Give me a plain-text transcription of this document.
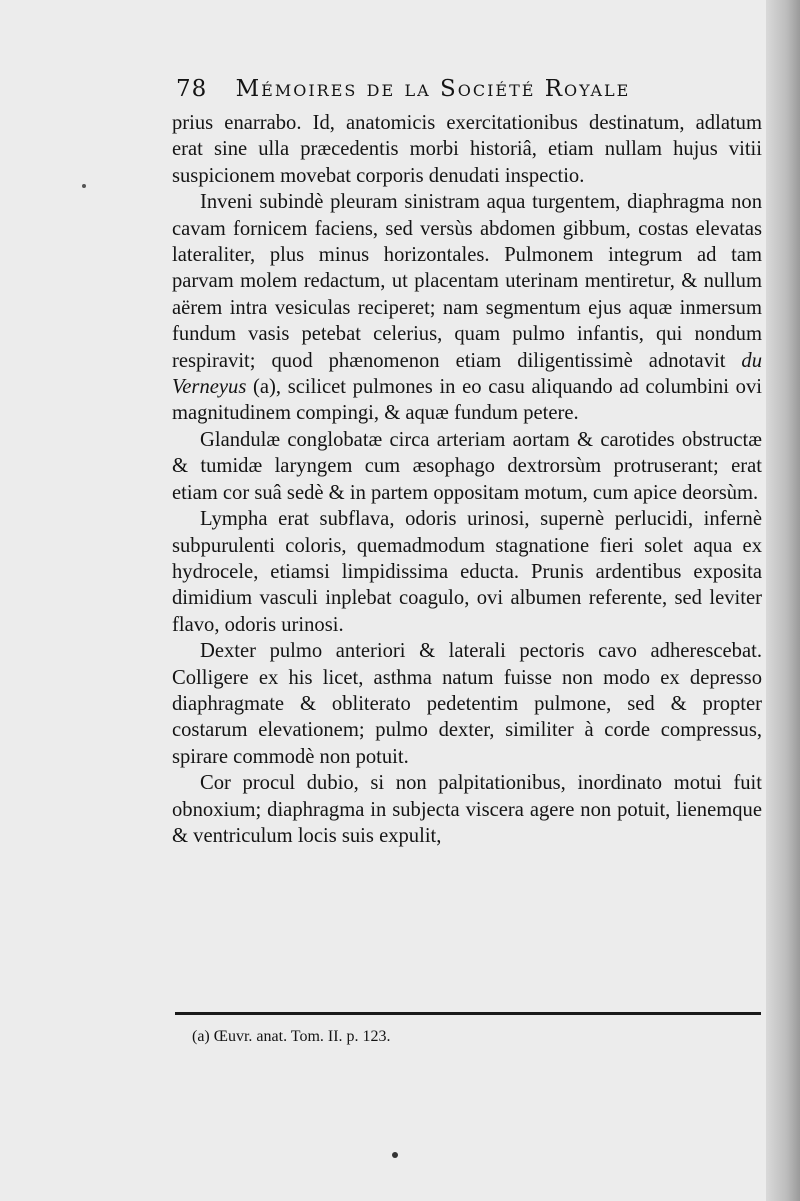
78 Mémoires de la Société Royale

prius enarrabo. Id, anatomicis exercitationibus destinatum, adlatum erat sine ulla præcedentis morbi historiâ, etiam nullam hujus vitii suspicionem movebat corporis denudati inspectio.

Inveni subindè pleuram sinistram aqua turgentem, diaphragma non cavam fornicem faciens, sed versùs abdomen gibbum, costas elevatas lateraliter, plus minus horizontales. Pulmonem integrum ad tam parvam molem redactum, ut placentam uterinam mentiretur, & nullum aërem intra vesiculas reciperet; nam segmentum ejus aquæ inmersum fundum vasis petebat celerius, quam pulmo infantis, qui nondum respiravit; quod phænomenon etiam diligentissimè adnotavit du Verneyus (a), scilicet pulmones in eo casu aliquando ad columbini ovi magnitudinem compingi, & aquæ fundum petere.

Glandulæ conglobatæ circa arteriam aortam & carotides obstructæ & tumidæ laryngem cum æsophago dextrorsùm protruserant; erat etiam cor suâ sedè & in partem oppositam motum, cum apice deorsùm.

Lympha erat subflava, odoris urinosi, supernè perlucidi, infernè subpurulenti coloris, quemadmodum stagnatione fieri solet aqua ex hydrocele, etiamsi limpidissima educta. Prunis ardentibus exposita dimidium vasculi inplebat coagulo, ovi albumen referente, sed leviter flavo, odoris urinosi.

Dexter pulmo anteriori & laterali pectoris cavo adherescebat. Colligere ex his licet, asthma natum fuisse non modo ex depresso diaphragmate & obliterato pedetentim pulmone, sed & propter costarum elevationem; pulmo dexter, similiter à corde compressus, spirare commodè non potuit.

Cor procul dubio, si non palpitationibus, inordinato motui fuit obnoxium; diaphragma in subjecta viscera agere non potuit, lienemque & ventriculum locis suis expulit,

(a) Œuvr. anat. Tom. II. p. 123.
